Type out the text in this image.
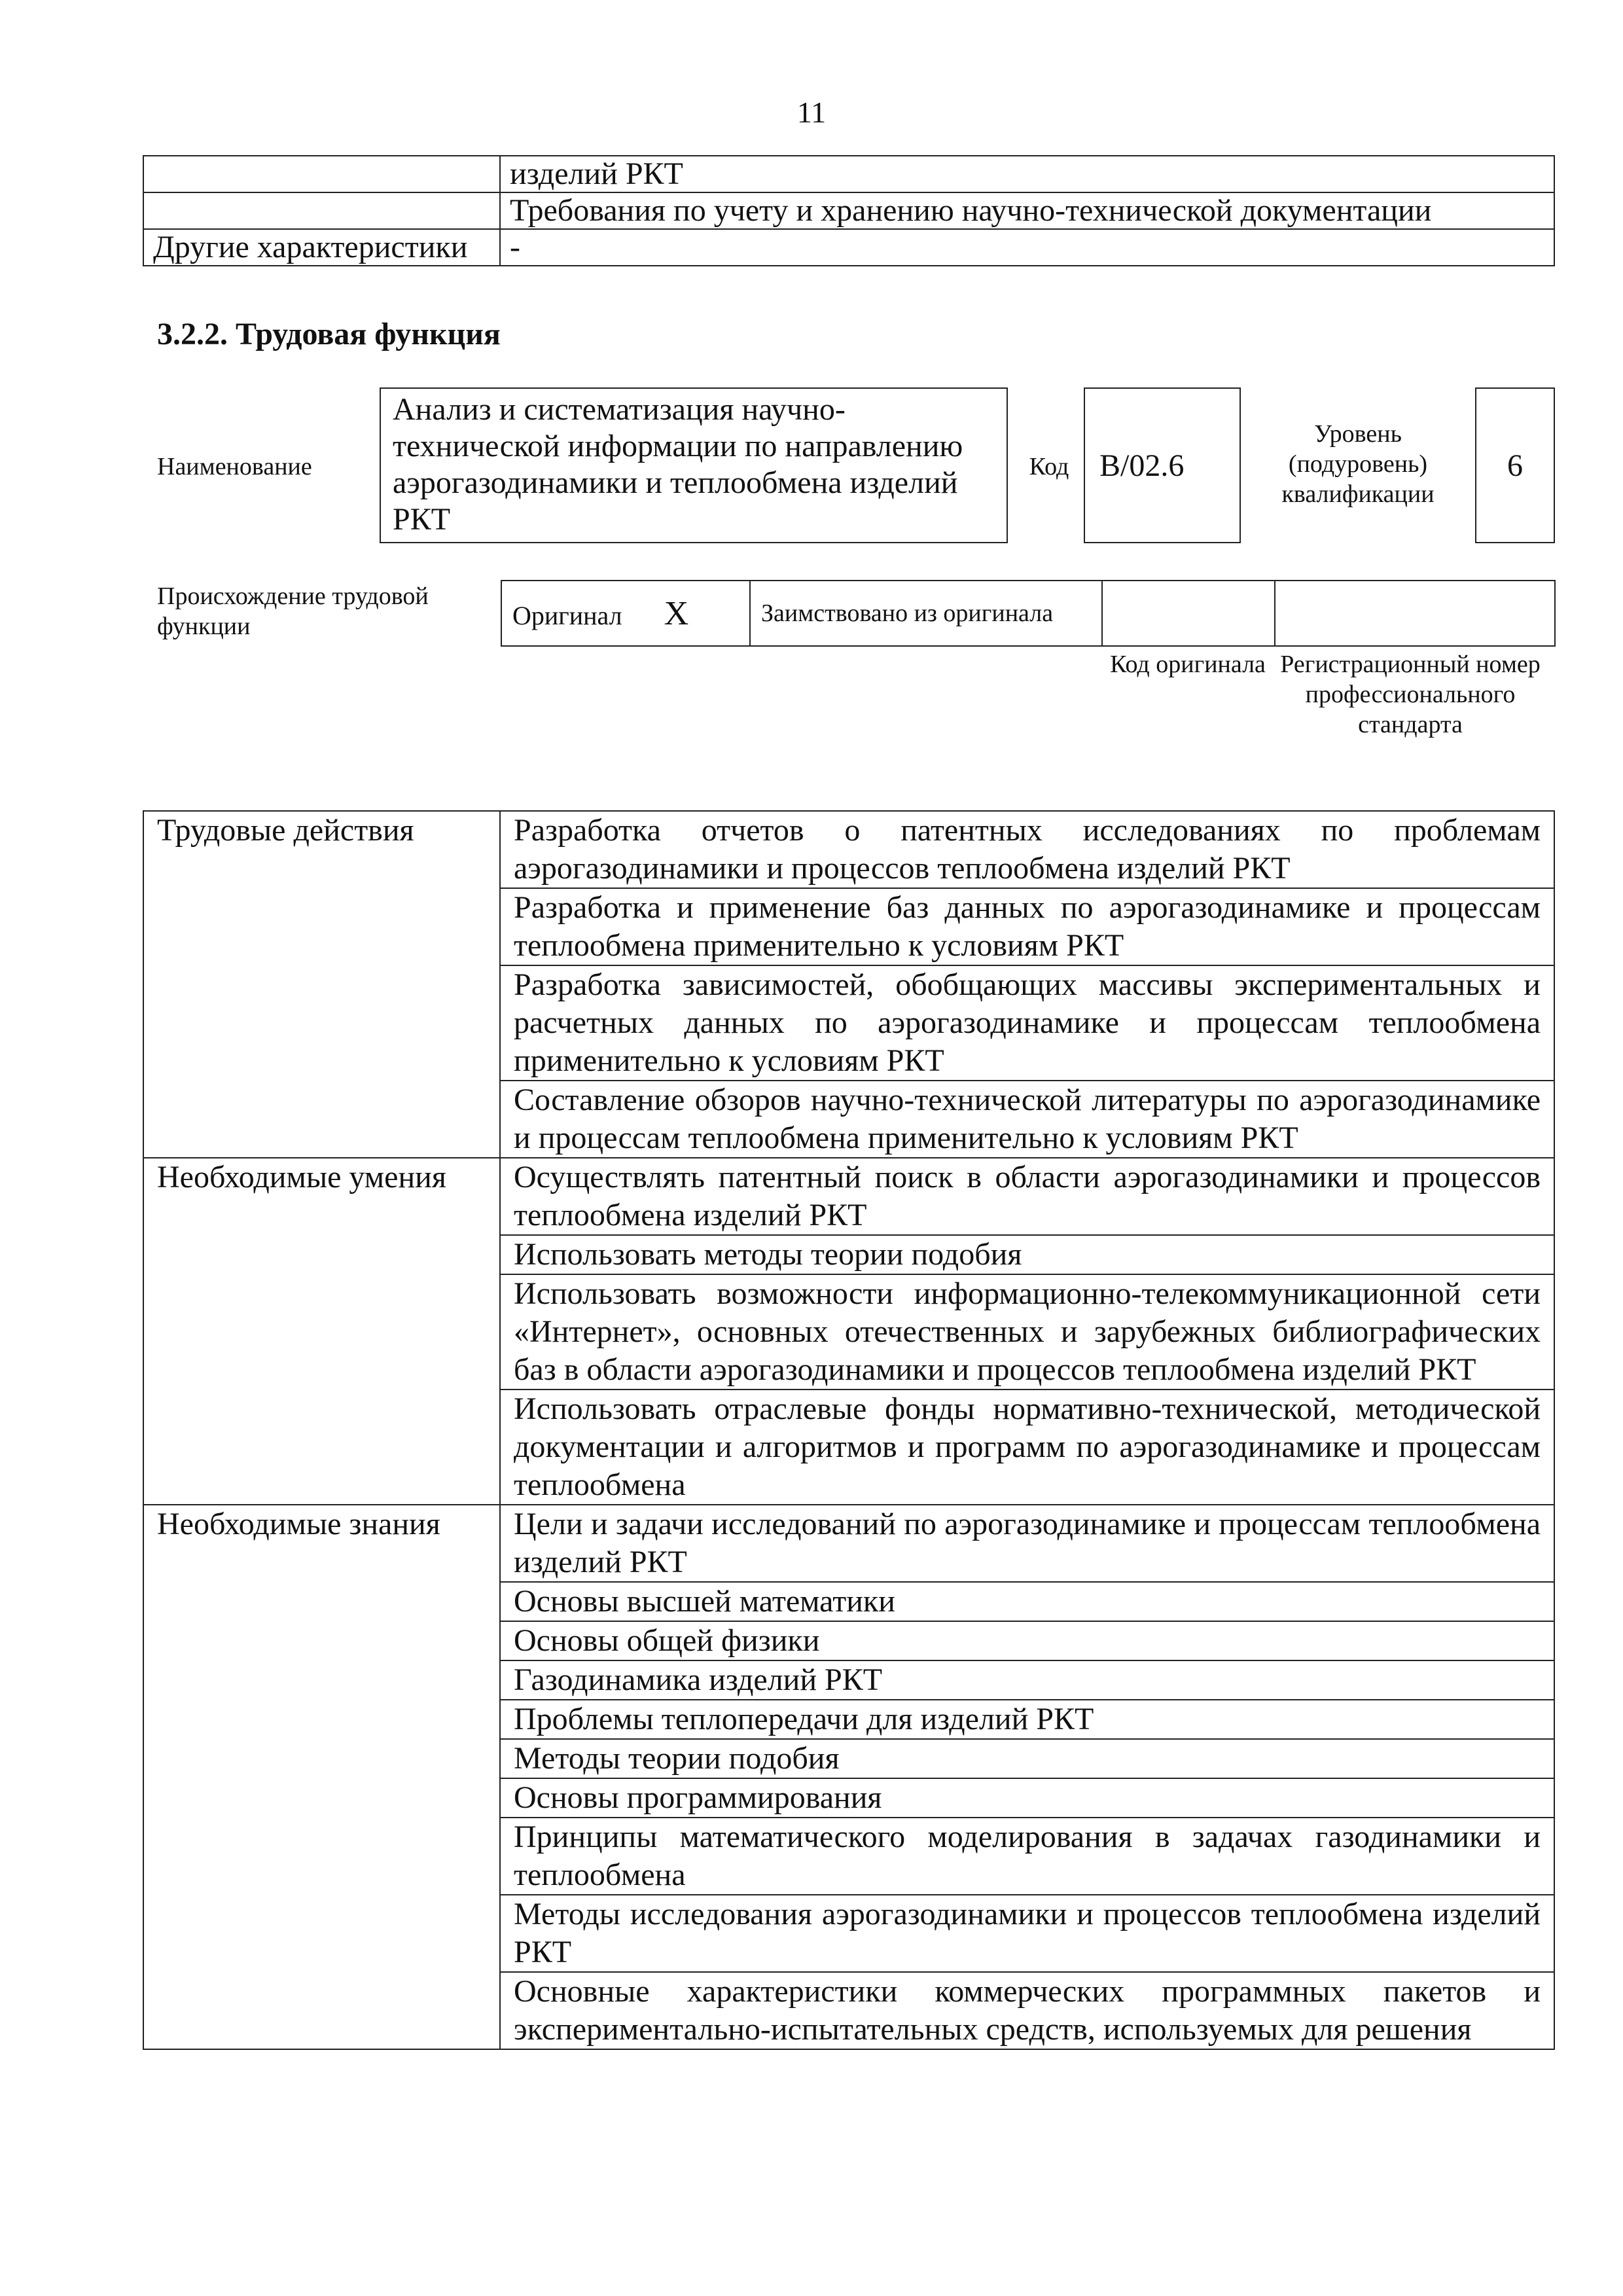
11
	изделий РКТ
	Требования по учету и хранению научно-технической документации
Другие характеристики	-
3.2.2. Трудовая функция
Наименование
Анализ и систематизация научно-технической информации по направлению аэрогазодинамики и теплообмена изделий РКТ
Код В/02.6
Уровень (подуровень) квалификации
6
Происхождение трудовой функции	Оригинал X	Заимствовано из оригинала		
Код оригинала Регистрационный номер профессионального стандарта
Трудовые действия	Разработка отчетов о патентных исследованиях по проблемам аэрогазодинамики и процессов теплообмена изделий РКТ
	Разработка и применение баз данных по аэрогазодинамике и процессам теплообмена применительно к условиям РКТ
	Разработка зависимостей, обобщающих массивы экспериментальных и расчетных данных по аэрогазодинамике и процессам теплообмена применительно к условиям РКТ
	Составление обзоров научно-технической литературы по аэрогазодинамике и процессам теплообмена применительно к условиям РКТ
Необходимые умения	Осуществлять патентный поиск в области аэрогазодинамики и процессов теплообмена изделий РКТ
	Использовать методы теории подобия
	Использовать возможности информационно-телекоммуникационной сети «Интернет», основных отечественных и зарубежных библиографических баз в области аэрогазодинамики и процессов теплообмена изделий РКТ
	Использовать отраслевые фонды нормативно-технической, методической документации и алгоритмов и программ по аэрогазодинамике и процессам теплообмена
Необходимые знания	Цели и задачи исследований по аэрогазодинамике и процессам теплообмена изделий РКТ
	Основы высшей математики
	Основы общей физики
	Газодинамика изделий РКТ
	Проблемы теплопередачи для изделий РКТ
	Методы теории подобия
	Основы программирования
	Принципы математического моделирования в задачах газодинамики и теплообмена
	Методы исследования аэрогазодинамики и процессов теплообмена изделий РКТ
	Основные характеристики коммерческих программных пакетов и экспериментально-испытательных средств, используемых для решения
